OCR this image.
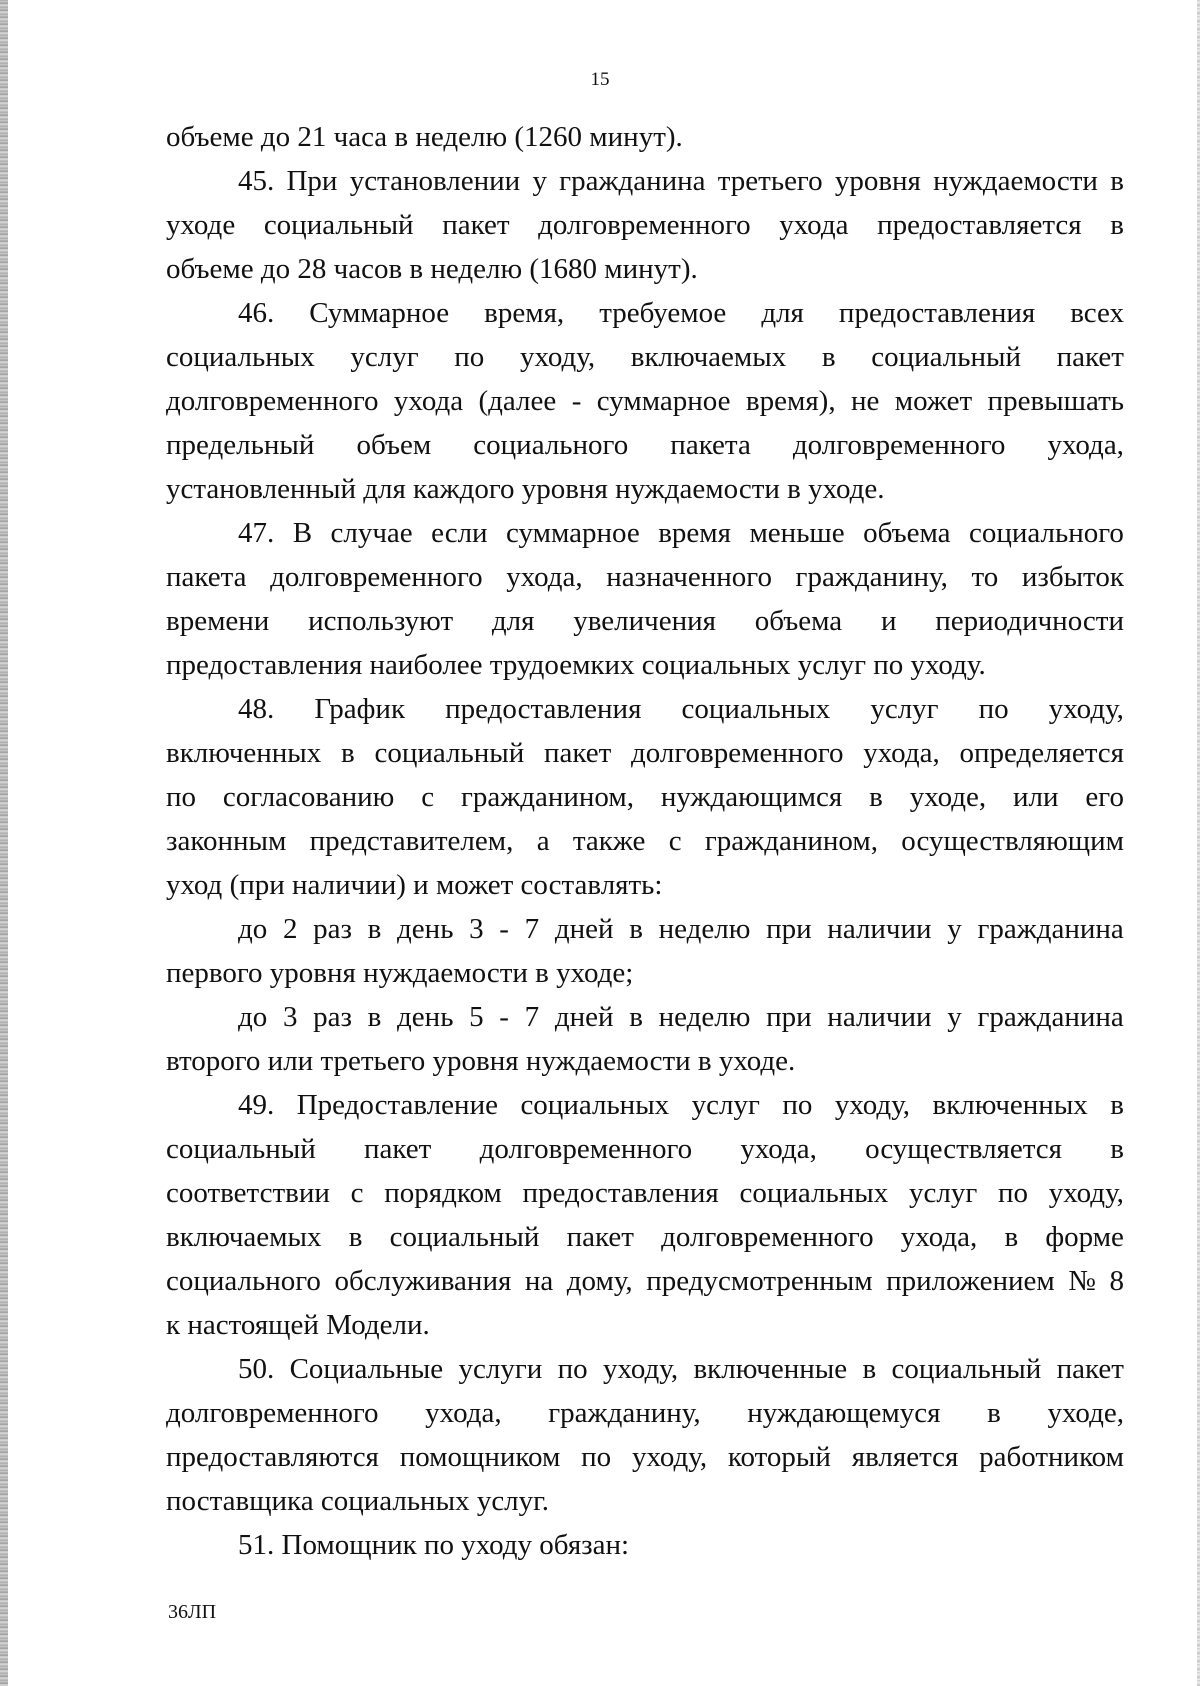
15
объеме до 21 часа в неделю (1260 минут).
45. При установлении у гражданина третьего уровня нуждаемости в
уходе социальный пакет долговременного ухода предоставляется в
объеме до 28 часов в неделю (1680 минут).
46. Суммарное время, требуемое для предоставления всех
социальных услуг по уходу, включаемых в социальный пакет
долговременного ухода (далее - суммарное время), не может превышать
предельный объем социального пакета долговременного ухода,
установленный для каждого уровня нуждаемости в уходе.
47. В случае если суммарное время меньше объема социального
пакета долговременного ухода, назначенного гражданину, то избыток
времени используют для увеличения объема и периодичности
предоставления наиболее трудоемких социальных услуг по уходу.
48. График предоставления социальных услуг по уходу,
включенных в социальный пакет долговременного ухода, определяется
по согласованию с гражданином, нуждающимся в уходе, или его
законным представителем, а также с гражданином, осуществляющим
уход (при наличии) и может составлять:
до 2 раз в день 3 - 7 дней в неделю при наличии у гражданина
первого уровня нуждаемости в уходе;
до 3 раз в день 5 - 7 дней в неделю при наличии у гражданина
второго или третьего уровня нуждаемости в уходе.
49. Предоставление социальных услуг по уходу, включенных в
социальный пакет долговременного ухода, осуществляется в
соответствии с порядком предоставления социальных услуг по уходу,
включаемых в социальный пакет долговременного ухода, в форме
социального обслуживания на дому, предусмотренным приложением № 8
к настоящей Модели.
50. Социальные услуги по уходу, включенные в социальный пакет
долговременного ухода, гражданину, нуждающемуся в уходе,
предоставляются помощником по уходу, который является работником
поставщика социальных услуг.
51. Помощник по уходу обязан:
36ЛП
